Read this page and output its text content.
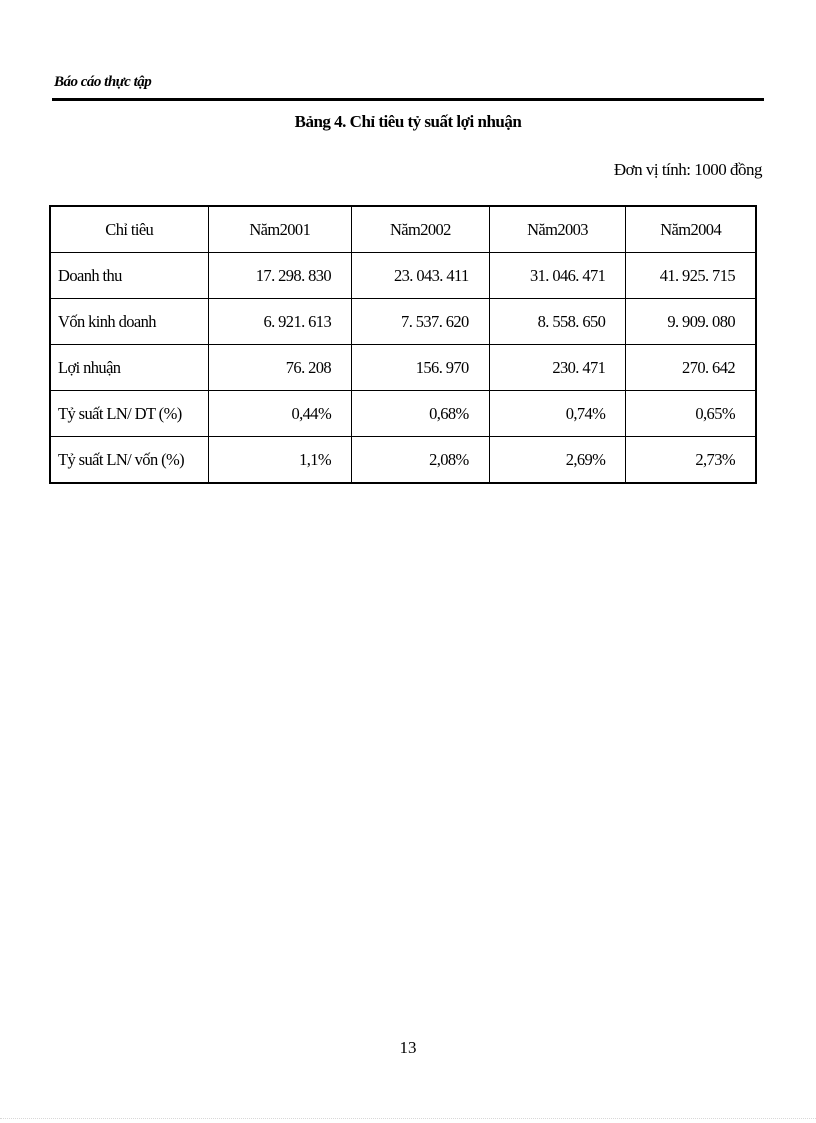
Báo cáo thực tập
Bảng 4. Chỉ tiêu tỷ suất lợi nhuận
Đơn vị tính: 1000 đồng
Chỉ tiêu	Năm2001	Năm2002	Năm2003	Năm2004
Doanh thu	17. 298. 830	23. 043. 411	31. 046. 471	41. 925. 715
Vốn kinh doanh	6. 921. 613	7. 537. 620	8. 558. 650	9. 909. 080
Lợi nhuận	76. 208	156. 970	230. 471	270. 642
Tỷ suất LN/ DT (%)	0,44%	0,68%	0,74%	0,65%
Tỷ suất LN/ vốn (%)	1,1%	2,08%	2,69%	2,73%
13
